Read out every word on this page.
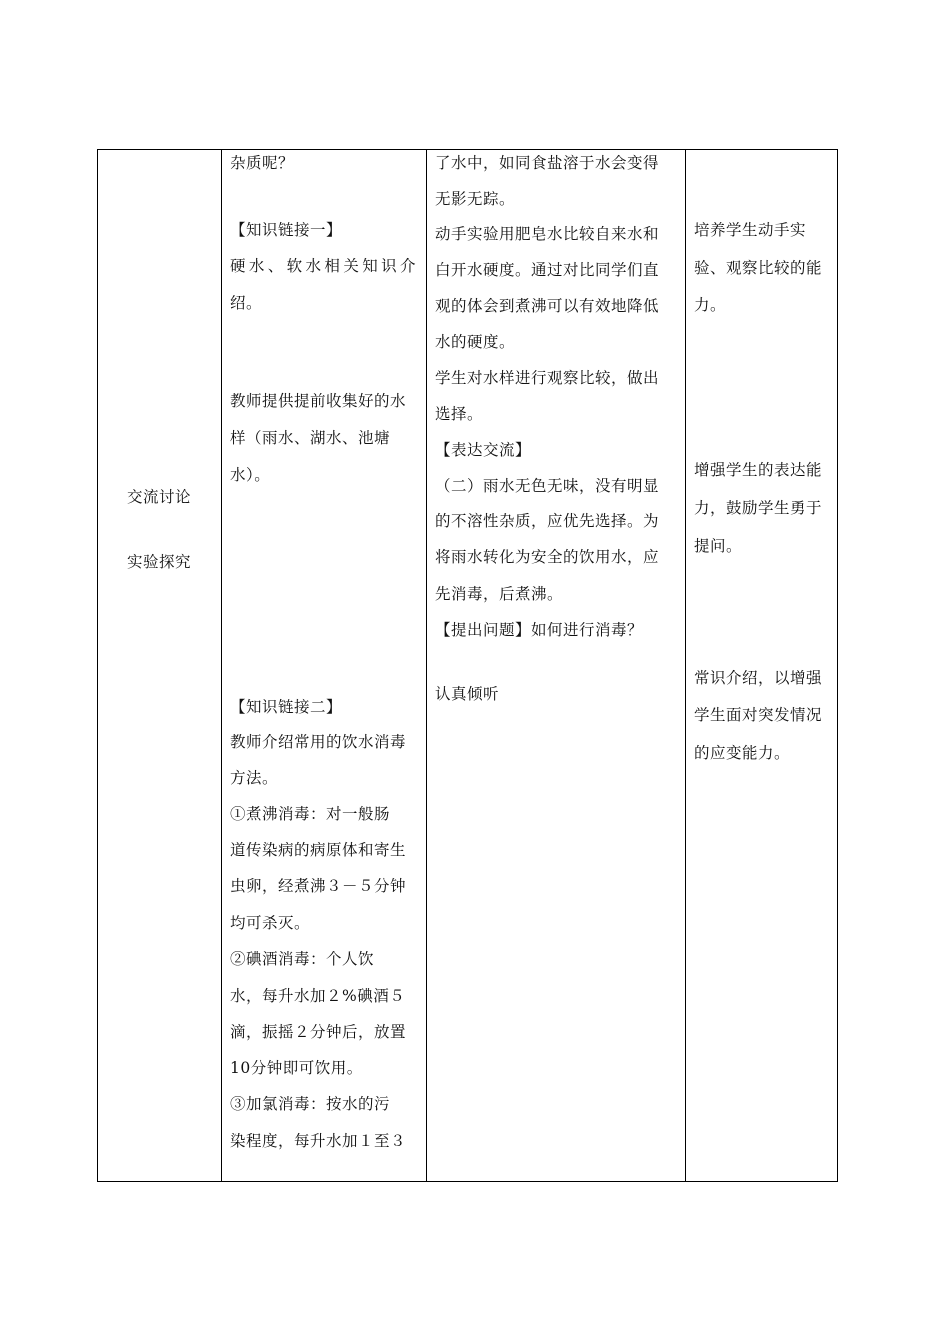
交流讨论
实验探究
杂质呢？
【知识链接一】
硬水、软水相关知识介
绍。
教师提供提前收集好的水
样（雨水、湖水、池塘
水）。
【知识链接二】
教师介绍常用的饮水消毒
方法。
①煮沸消毒：对一般肠
道传染病的病原体和寄生
虫卵，经煮沸３－５分钟
均可杀灭。
②碘酒消毒：个人饮
水，每升水加２%碘酒５
滴，振摇２分钟后，放置
10分钟即可饮用。
③加氯消毒：按水的污
染程度，每升水加１至３
了水中，如同食盐溶于水会变得
无影无踪。
动手实验用肥皂水比较自来水和
白开水硬度。通过对比同学们直
观的体会到煮沸可以有效地降低
水的硬度。
学生对水样进行观察比较，做出
选择。
【表达交流】
（二）雨水无色无味，没有明显
的不溶性杂质，应优先选择。为
将雨水转化为安全的饮用水，应
先消毒，后煮沸。
【提出问题】如何进行消毒？
认真倾听
培养学生动手实
验、观察比较的能
力。
增强学生的表达能
力，鼓励学生勇于
提问。
常识介绍，以增强
学生面对突发情况
的应变能力。
